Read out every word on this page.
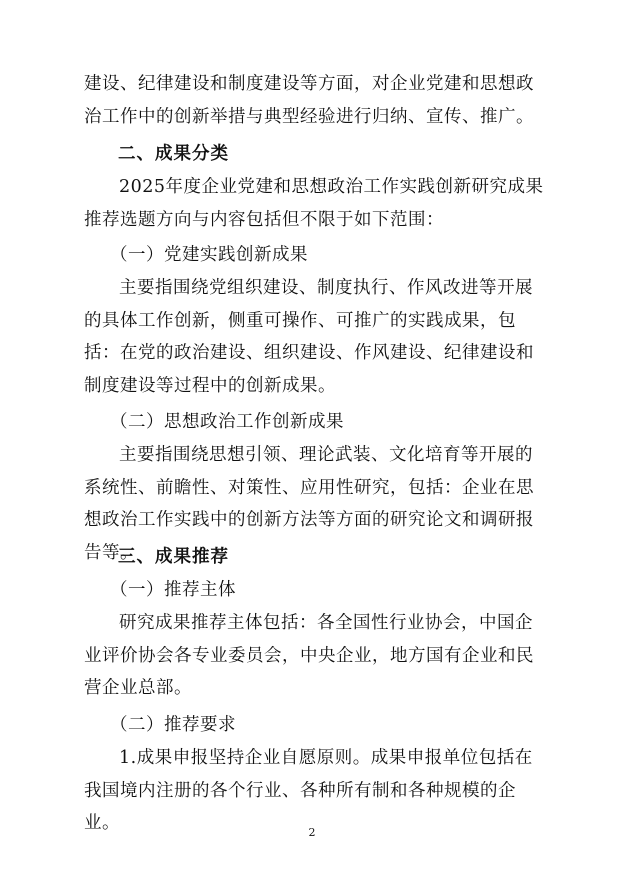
建设、纪律建设和制度建设等方面，对企业党建和思想政治工作中的创新举措与典型经验进行归纳、宣传、推广。
二、成果分类
2025年度企业党建和思想政治工作实践创新研究成果推荐选题方向与内容包括但不限于如下范围：
（一）党建实践创新成果
主要指围绕党组织建设、制度执行、作风改进等开展的具体工作创新，侧重可操作、可推广的实践成果，包括：在党的政治建设、组织建设、作风建设、纪律建设和制度建设等过程中的创新成果。
（二）思想政治工作创新成果
主要指围绕思想引领、理论武装、文化培育等开展的系统性、前瞻性、对策性、应用性研究，包括：企业在思想政治工作实践中的创新方法等方面的研究论文和调研报告等。
三、成果推荐
（一）推荐主体
研究成果推荐主体包括：各全国性行业协会，中国企业评价协会各专业委员会，中央企业，地方国有企业和民营企业总部。
（二）推荐要求
1.成果申报坚持企业自愿原则。成果申报单位包括在我国境内注册的各个行业、各种所有制和各种规模的企业。	2
